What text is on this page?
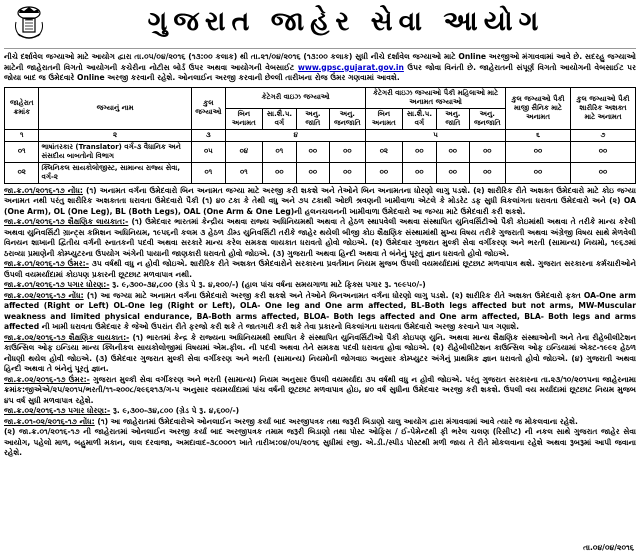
ગુજરાત જાહેર સેવા આયોગ
નીચે દર્શાવેલ જગ્યાઓ માટે આયોગ દ્વારા તા.૦૫/૦૪/૨૦૧૬ (૧૩:૦૦ કલાક) થી તા.૨૧/૦૪/૨૦૧૬ (૧૩:૦૦ કલાક) સુધી નીચે દર્શાવેલ જગ્યાઓ માટે Online અરજીઓ મંગાવવામાં આવે છે. સદરહુ જગ્યાઓ માટેની જાહેરાતની વિગતો આયોગની કચેરીના નોટીસ બોર્ડ ઉપર અથવા આયોગની વેબસાઈટ www.gpsc.gujarat.gov.in ઉપર જોવા વિનંતી છે. જાહેરાતની સંપૂર્ણ વિગતો આયોગની વેબસાઈટ પર જોયા બાદ જ ઉમેદવારે Online અરજી કરવાની રહેશે. ઓનલાઈન અરજી કરવાની છેલ્લી તારીખના રોજ ઉંમર ગણવામાં આવશે.
જાહેરાત ક્રમાંક	જગ્યાનું નામ	કુલ જગ્યાઓ	કેટેગરી વાઇઝ જગ્યાઓ				કેટેગરી વાઇઝ જગ્યાઓ પૈકી મહિલાઓ માટે અનામત જગ્યાઓ				કુલ જગ્યાઓ પૈકી માજી સૈનિક માટે અનામત	કુલ જગ્યાઓ પૈકી શારીરિક અશક્ત માટે અનામત
			બિન અનામત	સા.શૈ.પ. વર્ગ	અનુ. જાતિ	અનુ. જનજાતિ	બિન અનામત	સા.શૈ.પ. વર્ગ	અનુ. જાતિ	અનુ. જનજાતિ		
૧	૨	૩	૪				૫				૬	૭
૦૧	ભાષાંતરકાર (Translator) વર્ગ-૩ વૈધાનિક અને સંસદીય બાબતોનો વિભાગ	૦૫	૦૪	૦૧	૦૦	૦૦	૦૨	૦૦	૦૦	૦૦	૦૦	૦૦
૦૨	ક્લિનિકલ સાયકોલોજીસ્ટ, સામાન્ય રાજ્ય સેવા, વર્ગ-૨	૦૧	૦૧	૦૦	૦૦	૦૦	૦૦	૦૦	૦૦	૦૦	૦૦	૦૦

જા.ક્ર.૦૧/૨૦૧૬-૧૭ નોંધ: (૧) અનામત વર્ગના ઉમેદવારો બિન અનામત જગ્યા માટે અરજી કરી શકશે અને તેઓને બિન અનામતના ધોરણો લાગુ પડશે. (૨) શારીરિક રીતે અશક્ત ઉમેદવારો માટે કોઇ જગ્યા અનામત નથી પરંતુ શારીરિક અશક્તતા ધરાવતા ઉમેદવારો પૈકી (૧) ૪૦ ટકા કે તેથી વધુ અને ૭૫ ટકાથી ઓછી શ્રવણની ખામીવાળા એટલે કે મોડરેટ ડફ સુધી વિકલાંગતા ધરાવતા ઉમેદવારો અને (૨) OA (One Arm), OL (One Leg), BL (Both Legs), OAL (One Arm & One Leg)ની હલનચલનની ખામીવાળા ઉમેદવારો આ જગ્યા માટે ઉમેદવારી કરી શકશે.

જા.ક્ર.૦૧/૨૦૧૬-૧૭ શૈક્ષણિક લાયકાત:- (૧) ઉમેદવાર ભારતમાં કેન્દ્રીય અથવા રાજ્ય અધિનિયમથી અથવા તે હેઠળ સ્થાપવેલી અથવા સંસ્થાપિત યુનિવર્સિટીઓ પૈકી કોઇમાંથી અથવા તે તરીકે માન્ય કરેલી અથવા યુનિવર્સિટી ગ્રાન્ટ્સ કમિશન અધિનિયમ, ૧૯૫૬ની કલમ ૩ હેઠળ ડીમ્ડ યુનિવર્સિટી તરીકે જાહેર થયેલી બીજી કોઇ શૈક્ષણિક સંસ્થામાંથી મુખ્ય વિષય તરીકે ગુજરાતી અથવા અંગ્રેજી વિષય સાથે મેળવેલી વિનયન શાખાની દ્વિતીય વર્ગની સ્નાતકની પદવી અથવા સરકારે માન્ય કરેલ સમકક્ષ લાયકાત ધરાવતો હોવો જોઇએ. (૨) ઉમેદવાર ગુજરાત મુલ્કી સેવા વર્ગીકરણ અને ભરતી (સામાન્ય) નિયમો, ૧૯૬૭માં ઠરાવ્યા પ્રમાણેની કોમ્પ્યુટરના ઉપયોગ અંગેની પાયાની જાણકારી ધરાવતો હોવો જોઇએ. (૩) ગુજરાતી અથવા હિન્દી અથવા તે બંનેનું પૂરતું જ્ઞાન ધરાવતો હોવો જોઇએ.

જા.ક્ર.૦૧/૨૦૧૬-૧૭ ઉંમર:- ૩૫ વર્ષથી વધુ ન હોવી જોઇએ. શારીરિક રીતે અશક્ત ઉમેદવારોને સરકારના પ્રવર્તમાન નિયમ મુજબ ઉપલી વયમર્યાદામાં છૂટછાટ મળવાપાત્ર થશે. ગુજરાત સરકારના કર્મચારીઓને ઉપલી વયમર્યાદામાં કોઇપણ પ્રકારની છૂટછાટ મળવાપાત્ર નથી.

જા.ક્ર.૦૧/૨૦૧૬-૧૭ પગાર ધોરણ:- રૂ. ૯,૩૦૦-૩૪,૮૦૦ (ગ્રેડ પે રૂ. ૪,૨૦૦/-) (હાલ પાંચ વર્ષના સમયગાળા માટે ફિક્સ પગાર રૂ. ૧૯૯૫૦/-)

જા.ક્ર.૦૨/૨૦૧૬-૧૭ નોંધ: (૧) આ જગ્યા માટે અનામત વર્ગના ઉમેદવારો અરજી કરી શકશે અને તેઓને બિનઅનામત વર્ગના ધોરણો લાગુ પડશે. (૨) શારીરિક રીતે અશક્ત ઉમેદવારો ફક્ત OA-One arm affected (Right or Left) OL-One leg (Right or Left), OLA- One leg and One arm affected, BL-Both legs affected but not arms, MW-Muscular weakness and limited physical endurance, BA-Both arms affected, BLOA- Both legs affected and One arm affected, BLA- Both legs and arms affected ની ખામી ધરાવતા ઉમેદવાર કે જેઓ ઉપરાંત રીતે ફરજો કરી શકે તે જાતગારી કરી શકે તેવા પ્રકારનો વિકલાંગતા ધરાવતા ઉમેદવારો અરજી કરવાને પાત્ર ગણાશે.

જા.ક્ર.૦૨/૨૦૧૬-૧૭ શૈક્ષણિક લાયકાત:- (૧) ભારતમાં કેન્દ્ર કે રાજ્યના અધિનિયમથી સ્થાપિત કે સંસ્થાપિત યુનિવર્સિટીઓ પૈકી કોઇપણ યુનિ. અથવા માન્ય શૈક્ષણિક સંસ્થાઓની અને તેના રીહેબીલીટેશન કાઉન્સિલ ઓફ ઇન્ડિયા માન્ય ક્લિનીકલ સાયકોલોજીમાં વિષયમાં એમ.ફીલ. ની પદવી અથવા તેને સમકક્ષ પદવી ધરાવતા હોવા જોઇએ. (૨) રીહેબીલીટેશન કાઉન્સિલ ઓફ ઇન્ડિયામાં એક્ટ-૧૯૯૨ હેઠળ નોંધણી થયેલ હોવી જોઇએ. (૩) ઉમેદવાર ગુજરાત મુલ્કી સેવા વર્ગીકરણ અને ભરતી (સામાન્ય) નિયમોની જોગવાઇ અનુસાર કોમ્પ્યુટર અંગેનું પ્રાથમિક જ્ઞાન ધરાવતો હોવો જોઇએ. (૪) ગુજરાતી અથવા હિન્દી અથવા તે બંનેનું પૂરતું જ્ઞાન.

જા.ક્ર.૦૨/૨૦૧૬-૧૭ ઉંમર:- ગુજરાત મુલ્કી સેવા વર્ગીકરણ અને ભરતી (સામાન્ય) નિયમ અનુસાર ઉપલી વયમર્યાદા ૩૫ વર્ષથી વધુ ન હોવી જોઇએ. પરંતુ ગુજરાત સરકારના તા.૨૩/૧૦/૨૦૧૫ના જાહેરનામા ક્રમાંક:જીએએ/૨૫/૨૦૧૫/ભરતી/૧૧-૨૦૦૮/૨૯૬૨૧૩/ગ-૫ અનુસાર વયમર્યાદામાં પાંચ વર્ષની છૂટછાટ મળવાપાત્ર હોઇ, ૪૦ વર્ષ સુધીના ઉમેદવાર અરજી કરી શકશે. ઉપલી વય મર્યાદામાં છૂટછાટ નિયમ મુજબ ૪૫ વર્ષ સુધી મળવાપાત્ર રહેશે.

જા.ક્ર.૦૨/૨૦૧૬-૧૭ પગાર ધોરણ:- રૂ. ૯,૩૦૦-૩૪,૮૦૦ (ગ્રેડ પે રૂ. ૪,૬૦૦/-)

જા.ક્ર.૦૧-૦૨/૨૦૧૬-૧૭ નોંધ: (૧) આ જાહેરાતમાં ઉમેદવારોએ ઓનલાઈન અરજી કર્યા બાદ અરજીપત્રક તથા જરૂરી બિડાણો ચાલુ આયોગ દ્વારા મંગાવવામાં આવે ત્યારે જ મોકલવાના રહેશે.

(૨) જા.ક્ર.૦૧/૨૦૧૬-૧૭ ની જાહેરાતમાં ઓનલાઈન અરજી કર્યા બાદ અરજીપત્રક તમામ જરૂરી બિડાણો તથા પોસ્ટ ઓફિસ / ઈ-પેમેન્ટથી ફી ભરેલ ચલણ (રિસીપ્ટ) ની નકલ સાથે ગુજરાત જાહેર સેવા આયોગ, પહેલો માળ, બહુમાળી મકાન, લાલ દરવાજા, અમદાવાદ-૩૮૦૦૦૧ ખાતે તારીખ:૦૪/૦૫/૨૦૧૬ સુધીમાં રજી. એ.ડી./સ્પીડ પોસ્ટથી મળી જાય તે રીતે મોકલવાના રહેશે અથવા રૂબરૂમાં આપી જવાના રહેશે.

તા.૦૪/૦૪/૨૦૧૬
